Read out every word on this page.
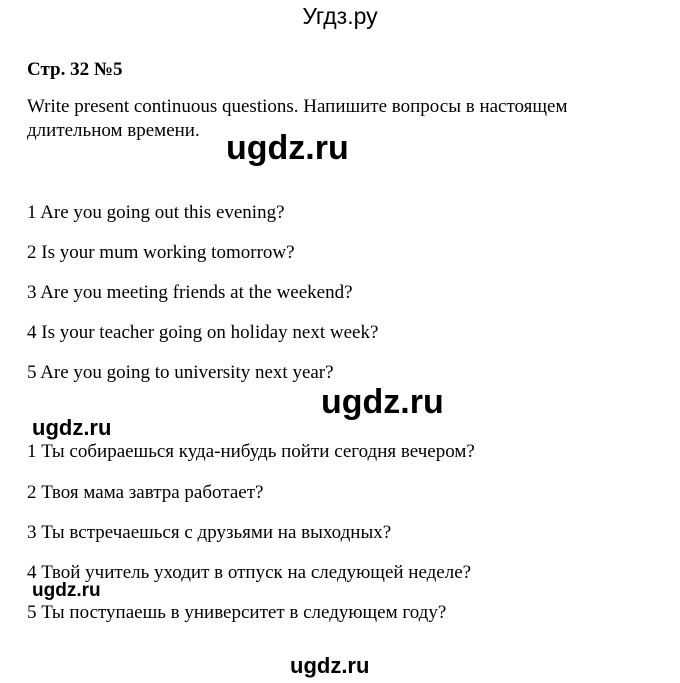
Угдз.ру
Стр. 32 №5
Write present continuous questions. Напишите вопросы в настоящем длительном времени. ugdz.ru
1 Are you going out this evening?
2 Is your mum working tomorrow?
3 Are you meeting friends at the weekend?
4 Is your teacher going on holiday next week?
5 Are you going to university next year?
ugdz.ru
ugdz.ru
1 Ты собираешься куда-нибудь пойти сегодня вечером?
2 Твоя мама завтра работает?
3 Ты встречаешься с друзьями на выходных?
4 Твой учитель уходит в отпуск на следующей неделе?
ugdz.ru
5 Ты поступаешь в университет в следующем году?
ugdz.ru
